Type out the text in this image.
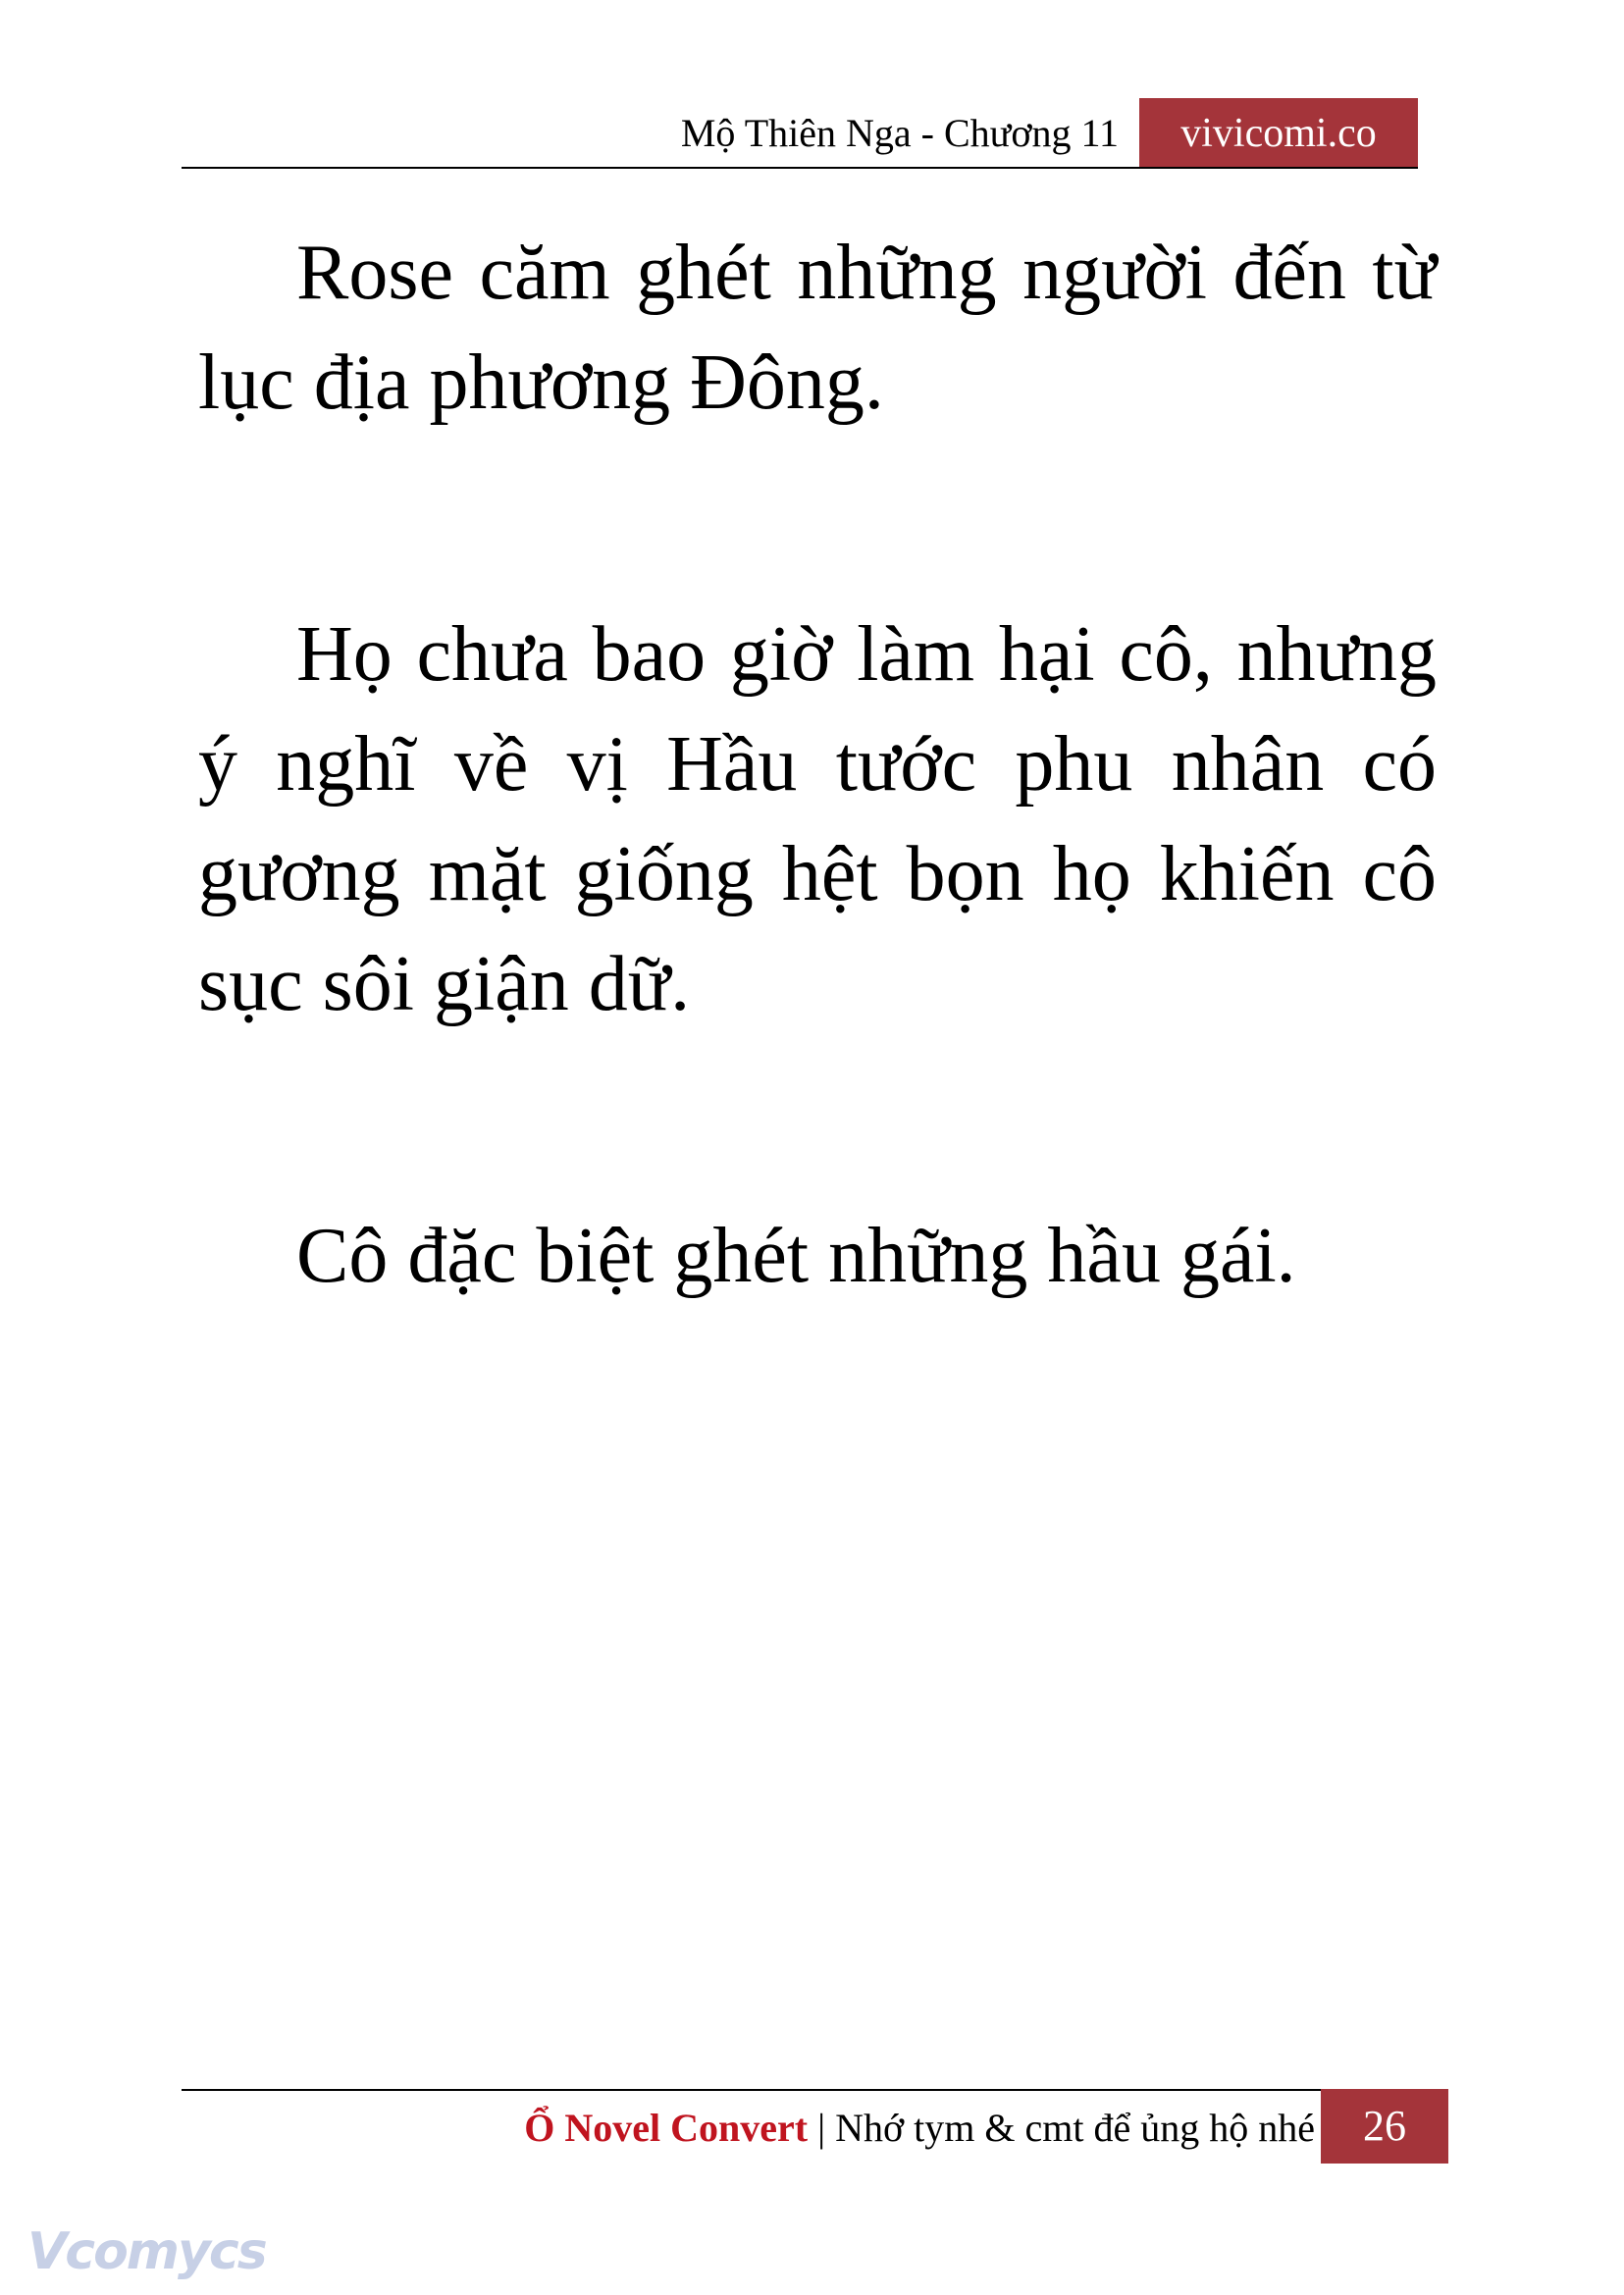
Mộ Thiên Nga - Chương 11	vivicomi.co

Rose căm ghét những người đến từ lục địa phương Đông.

Họ chưa bao giờ làm hại cô, nhưng ý nghĩ về vị Hầu tước phu nhân có gương mặt giống hệt bọn họ khiến cô sục sôi giận dữ.

Cô đặc biệt ghét những hầu gái.

Ổ Novel Convert | Nhớ tym & cmt để ủng hộ nhé	26
Vcomycs
